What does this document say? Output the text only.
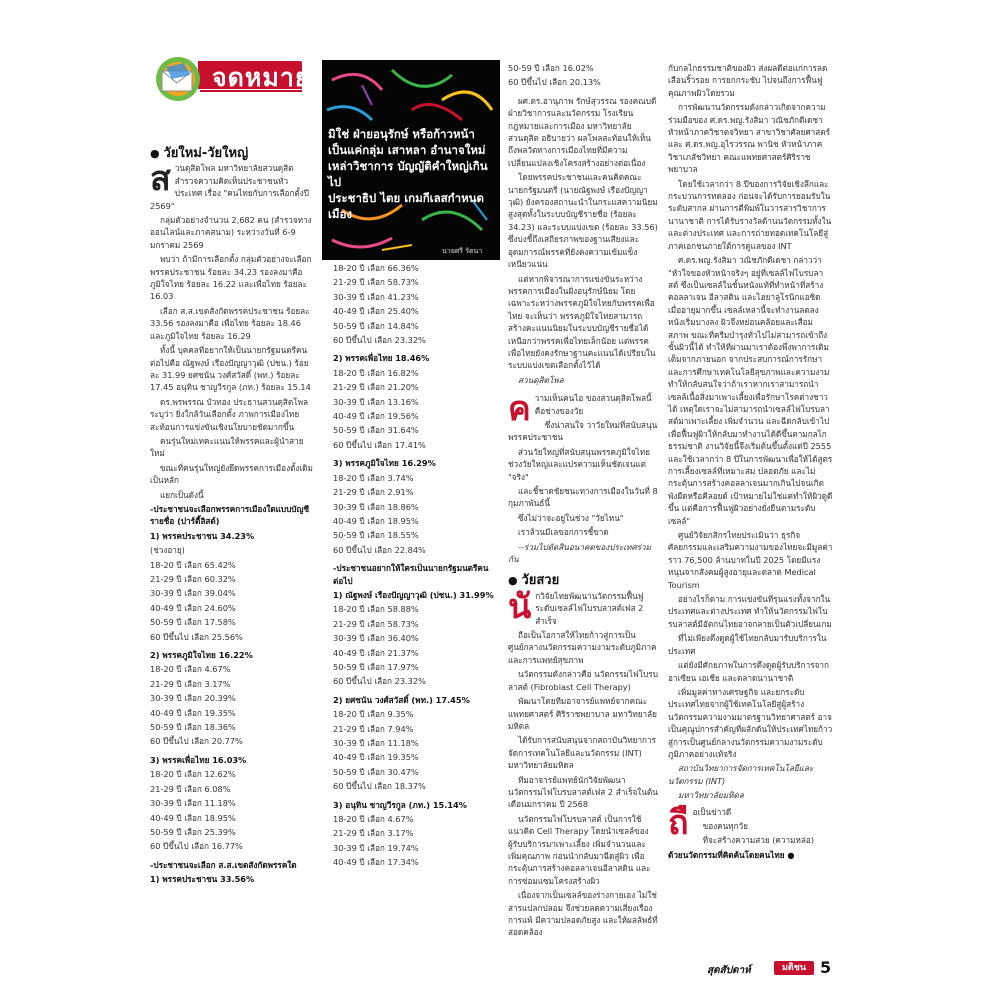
จดหมาย
มิใช่ ฝ่ายอนุรักษ์ หรือก้าวหน้า
เป็นแค่กลุ่ม เสาหลา อำนาจใหม่
เหล่าวิชาการ บัญญัติคำใหญ่เกินไป
ประชาธิป ไตย เกมกีเลสกำหนดเมือง
นายศรี รัตนา

● วัยใหม่-วัยใหญ่

สวนดุสิตโพล มหาวิทยาลัยสวนดุสิต สำรวจความคิดเห็นประชาชนทั่วประเทศ เรื่อง "คนไทยกับการเลือกตั้งปี 2569"

กลุ่มตัวอย่างจำนวน 2,682 คน (สำรวจทางออนไลน์และภาคสนาม) ระหว่างวันที่ 6-9 มกราคม 2569

พบว่า ถ้ามีการเลือกตั้ง กลุ่มตัวอย่างจะเลือกพรรคประชาชน ร้อยละ 34.23 รองลงมาคือ ภูมิใจไทย ร้อยละ 16.22 และเพื่อไทย ร้อยละ 16.03

เลือก ส.ส.เขตสังกัดพรรคประชาชน ร้อยละ 33.56 รองลงมาคือ เพื่อไทย ร้อยละ 18.46 และภูมิใจไทย ร้อยละ 16.29

ทั้งนี้ บุคคลที่อยากให้เป็นนายกรัฐมนตรีคนต่อไปคือ ณัฐพงษ์ เรืองปัญญาวุฒิ (ปชน.) ร้อยละ 31.99 ยศชนัน วงศ์สวัสดิ์ (พท.) ร้อยละ 17.45 อนุทิน ชาญวีรกูล (ภท.) ร้อยละ 15.14

ดร.พรพรรณ บัวทอง ประธานสวนดุสิตโพล ระบุว่า ยิ่งใกล้วันเลือกตั้ง ภาพการเมืองไทยสะท้อนการแข่งขันเชิงนโยบายชัดมากขึ้น

คนรุ่นใหม่เทคะแนนให้พรรคและผู้นำสายใหม่

ขณะที่คนรุ่นใหญ่ยังยึดพรรคการเมืองดั้งเดิมเป็นหลัก

แยกเป็นดังนี้

-ประชาชนจะเลือกพรรคการเมืองใดแบบบัญชีรายชื่อ (ปาร์ตี้ลิสต์)

1) พรรคประชาชน 34.23%

(ช่วงอายุ)

18-20 ปี เลือก 65.42%

21-29 ปี เลือก 60.32%

30-39 ปี เลือก 39.04%

40-49 ปี เลือก 24.60%

50-59 ปี เลือก 17.58%

60 ปีขึ้นไป เลือก 25.56%

2) พรรคภูมิใจไทย 16.22%

18-20 ปี เลือก 4.67%

21-29 ปี เลือก 3.17%

30-39 ปี เลือก 20.39%

40-49 ปี เลือก 19.35%

50-59 ปี เลือก 18.36%

60 ปีขึ้นไป เลือก 20.77%

3) พรรคเพื่อไทย 16.03%

18-20 ปี เลือก 12.62%

21-29 ปี เลือก 6.08%

30-39 ปี เลือก 11.18%

40-49 ปี เลือก 18.95%

50-59 ปี เลือก 25.39%

60 ปีขึ้นไป เลือก 16.77%

-ประชาชนจะเลือก ส.ส.เขตสังกัดพรรคใด

1) พรรคประชาชน 33.56%

18-20 ปี เลือก 66.36%

21-29 ปี เลือก 58.73%

30-39 ปี เลือก 41.23%

40-49 ปี เลือก 25.40%

50-59 ปี เลือก 14.84%

60 ปีขึ้นไป เลือก 23.32%

2) พรรคเพื่อไทย 18.46%

18-20 ปี เลือก 16.82%

21-29 ปี เลือก 21.20%

30-39 ปี เลือก 13.16%

40-49 ปี เลือก 19.56%

50-59 ปี เลือก 31.64%

60 ปีขึ้นไป เลือก 17.41%

3) พรรคภูมิใจไทย 16.29%

18-20 ปี เลือก 3.74%

21-29 ปี เลือก 2.91%

30-39 ปี เลือก 18.86%

40-49 ปี เลือก 18.95%

50-59 ปี เลือก 18.55%

60 ปีขึ้นไป เลือก 22.84%

-ประชาชนอยากให้ใครเป็นนายกรัฐมนตรีคนต่อไป

1) ณัฐพงษ์ เรืองปัญญาวุฒิ (ปชน.) 31.99%

18-20 ปี เลือก 58.88%

21-29 ปี เลือก 58.73%

30-39 ปี เลือก 36.40%

40-49 ปี เลือก 21.37%

50-59 ปี เลือก 17.97%

60 ปีขึ้นไป เลือก 23.32%

2) ยศชนัน วงศ์สวัสดิ์ (พท.) 17.45%

18-20 ปี เลือก 9.35%

21-29 ปี เลือก 7.94%

30-39 ปี เลือก 11.18%

40-49 ปี เลือก 19.35%

50-59 ปี เลือก 30.47%

60 ปีขึ้นไป เลือก 18.37%

3) อนุทิน ชาญวีรกูล (ภท.) 15.14%

18-20 ปี เลือก 4.67%

21-29 ปี เลือก 3.17%

30-39 ปี เลือก 19.74%

40-49 ปี เลือก 17.34%

50-59 ปี เลือก 16.02%

60 ปีขึ้นไป เลือก 20.13%

ผศ.ดร.อานุภาพ รักษ์สุวรรณ รองคณบดีฝ่ายวิชาการและนวัตกรรม โรงเรียนกฎหมายและการเมือง มหาวิทยาลัยสวนดุสิต อธิบายว่า ผลโพลสะท้อนให้เห็นถึงพลวัตทางการเมืองไทยที่มีความเปลี่ยนแปลงเชิงโครงสร้างอย่างต่อเนื่อง

โดยพรรคประชาชนและคนคิดคณะนายกรัฐมนตรี (นายณัฐพงษ์ เรืองปัญญาวุฒิ) ยังครองสถานะนำในกระแสความนิยมสูงสุดทั้งในระบบบัญชีรายชื่อ (ร้อยละ 34.23) และระบบแบ่งเขต (ร้อยละ 33.56) ซึ่งบ่งชี้ถึงเสถียรภาพของฐานเสียงและอุดมการณ์พรรคที่ยังคงความเข้มแข็งเหนียวแน่น

แต่หากพิจารณาการแข่งขันระหว่างพรรคการเมืองในฝั่งอนุรักษ์นิยม โดยเฉพาะระหว่างพรรคภูมิใจไทยกับพรรคเพื่อไทย จะเห็นว่า พรรคภูมิใจไทยสามารถสร้างคะแนนนิยมในระบบบัญชีรายชื่อได้เหนือกว่าพรรคเพื่อไทยเล็กน้อย แต่พรรคเพื่อไทยยังคงรักษาฐานคะแนนได้เปรียบในระบบแบ่งเขตเลือกตั้งไว้ได้

สวนดุสิตโพล

ความเห็นคนไอ ของสวนดุสิตโพลนี้ คือช่างของวัย

ซึ่งน่าสนใจ ว่าวัยใหม่ที่สนับสนุนพรรคประชาชน

ส่วนวัยใหญ่ที่สนับสนุนพรรคภูมิใจไทย ช่วงวัยใหญ่และแปรความเห็นชัดเจนแต่ "จริง"

และชี้ชาดชัยชนะทางการเมืองในวันที่ 8 กุมภาพันธ์นี้

ซึ่งไม่ว่าจะอยู่ในช่วง "วัยไหน"

เราล้วนมีเลขอกการชี้ขาด

--ร่วมไปตัดสินอนาคตของประเทศร่วมกัน

● วัยสวย

นักวิจัยไทยพัฒนานวัตกรรมฟื้นฟูระดับเซลล์ไฟโบรบลาสต์เฟส 2 สำเร็จ

ถือเป็นโอกาสให้ไทยก้าวสู่การเป็นศูนย์กลางนวัตกรรมความงามระดับภูมิภาคและการแพทย์สุขภาพ

นวัตกรรมดังกล่าวคือ นวัตกรรมไฟโบรบลาสต์ (Fibroblast Cell Therapy)

พัฒนาโดยทีมอาจารย์แพทย์จากคณะแพทยศาสตร์ ศิริราชพยาบาล มหาวิทยาลัยมหิดล

ได้รับการสนับสนุนจากสถาบันวิทยาการจัดการเทคโนโลยีและนวัตกรรม (INT) มหาวิทยาลัยมหิดล

ทีมอาจารย์แพทย์นักวิจัยพัฒนานวัตกรรมไฟโบรบลาสต์เฟส 2 สำเร็จในต้นเดือนมกราคม ปี 2568

นวัตกรรมไฟโบรบลาสต์ เป็นการใช้แนวคิด Cell Therapy โดยนำเซลล์ของผู้รับบริการมาเพาะเลี้ยง เพิ่มจำนวนและเพิ่มคุณภาพ ก่อนนำกลับมาฉีดสู่ผิว เพื่อกระตุ้นการสร้างคอลลาเจนอีลาสติน และการซ่อมแซมโครงสร้างผิว

เนื่องจากเป็นเซลล์ของร่างกายเอง ไม่ใช่สารแปลกปลอม จึงช่วยลดความเสี่ยงเรื่องการแพ้ มีความปลอดภัยสูง และให้ผลลัพธ์ที่สอดคล้อง

กับกลไกธรรมชาติของผิว ส่งผลดีต่อแก่การลดเลือนริ้วรอย การยกกระชับ ไปจนถึงการฟื้นฟูคุณภาพผิวโดยรวม

การพัฒนานวัตกรรมดังกล่าวเกิดจากความร่วมมือของ ศ.ดร.พญ.รังสิมา วณิชภักดีเดชา หัวหน้าภาควิชาตจวิทยา สาขาวิชาศัลยศาสตร์ และ ศ.ดร.พญ.อุไรวรรณ พานิช หัวหน้าภาควิชาเภสัชวิทยา คณะแพทยศาสตร์ศิริราชพยาบาล

โดยใช้เวลากว่า 8 ปีของการวิจัยเชิงลึกและกระบวนการทดลอง ก่อนจะได้รับการยอมรับในระดับสากล ผ่านการตีพิมพ์ในวารสารวิชาการนานาชาติ การได้รับรางวัลด้านนวัตกรรมทั้งในและต่างประเทศ และการถ่ายทอดเทคโนโลยีสู่ภาคเอกชนภายใต้การดูแลของ INT

ศ.ดร.พญ.รังสิมา วณิชภักดีเดชา กล่าวว่า "หัวใจของหัวหน้าจริงๆ อยู่ที่เซลล์ไฟโบรบลาสต์ ซึ่งเป็นเซลล์ในชั้นหนังแท้ที่ทำหน้าที่สร้างคอลลาเจน อีลาสติน และไฮยาลูโรนิกแอซิด เมื่ออายุมากขึ้น เซลล์เหล่านี้จะทำงานลดลง หนังเริ่มบางลง ผิวจึงหย่อนคล้อยและเสื่อมสภาพ ขณะที่ครีมบำรุงทั่วไปไม่สามารถเข้าถึงชั้นผิวนี้ได้ ทำให้ที่ผ่านมาเราต้องพึ่งพาการเติมเต็มจากภายนอก จากประสบการณ์การรักษาและการศึกษาเทคโนโลยีสุขภาพและความงาม ทำให้กลับสนใจว่าถ้าเราหากเราสามารถนำเซลล์เนื้อสิ่งมาเพาะเลี้ยงเพื่อรักษาโรคต่างชาวได้ เหตุใดเราจะไม่สามารถนำเซลล์ไฟโบรบลาสต์มาเพาะเลี้ยง เพิ่มจำนวน และฉีดกลับเข้าไป เพื่อฟื้นฟูผิวให้กลับมาทำงานได้ดีขึ้นตามกลไกธรรมชาติ งานวิจัยนี้จึงเริ่มต้นขึ้นตั้งแต่ปี 2555 และใช้เวลากว่า 8 ปีในการพัฒนาเพื่อให้ได้สูตรการเลี้ยงเซลล์ที่เหมาะสม ปลอดภัย และไม่กระตุ้นการสร้างคอลลาเจนมากเกินไปจนเกิดพังผืดหรือคีลอยด์ เป้าหมายไม่ใช่แค่ทำให้ผิวดูดีขึ้น แต่คือการฟื้นฟูผิวอย่างยั่งยืนตามระดับเซลล์"

ศูนย์วิจัยกสิกรไทยประเมินว่า ธุรกิจศัลยกรรมและเสริมความงามของไทยจะมีมูลค่าราว 76,500 ล้านบาทในปี 2025 โดยมีแรงหนุนจากสังคมผู้สูงอายุและตลาด Medical Tourism

อย่างไรก็ตาม การแข่งขันที่รุนแรงทั้งจากในประเทศและต่างประเทศ ทำให้นวัตกรรมไฟโบรบลาสต์มีอัตกนไทยอาจกลายเป็นตัวเปลี่ยนเกม

ที่ไม่เพียงดึงดูดผู้ใช้ไทยกลับมารับบริการในประเทศ

แต่ยังมีศักยภาพในการดึงดูดผู้รับบริการจากอาเซียน เอเชีย และตลาดนานาชาติ

เพิ่มมูลค่าทางเศรษฐกิจ และยกระดับประเทศไทยจากผู้ใช้เทคโนโลยีสู่ผู้สร้างนวัตกรรมความงามมาตรฐานวิทยาศาสตร์ อาจเป็นคุณูปการสำคัญที่ผลักดันให้ประเทศไทยก้าวสู่การเป็นศูนย์กลางนวัตกรรมความงามระดับภูมิภาคอย่างแท้จริง

สถาบันวิทยาการจัดการเทคโนโลยีและนวัตกรรม (INT)

มหาวิทยาลัยมหิดล

ถือเป็นข่าวดี

ของคนทุกวัย

ที่จะสร้างความสวย (ความหล่อ)

ด้วยนวัตกรรมที่คิดค้นโดยคนไทย ●

สุดสัปดาห์	มติชน 5
